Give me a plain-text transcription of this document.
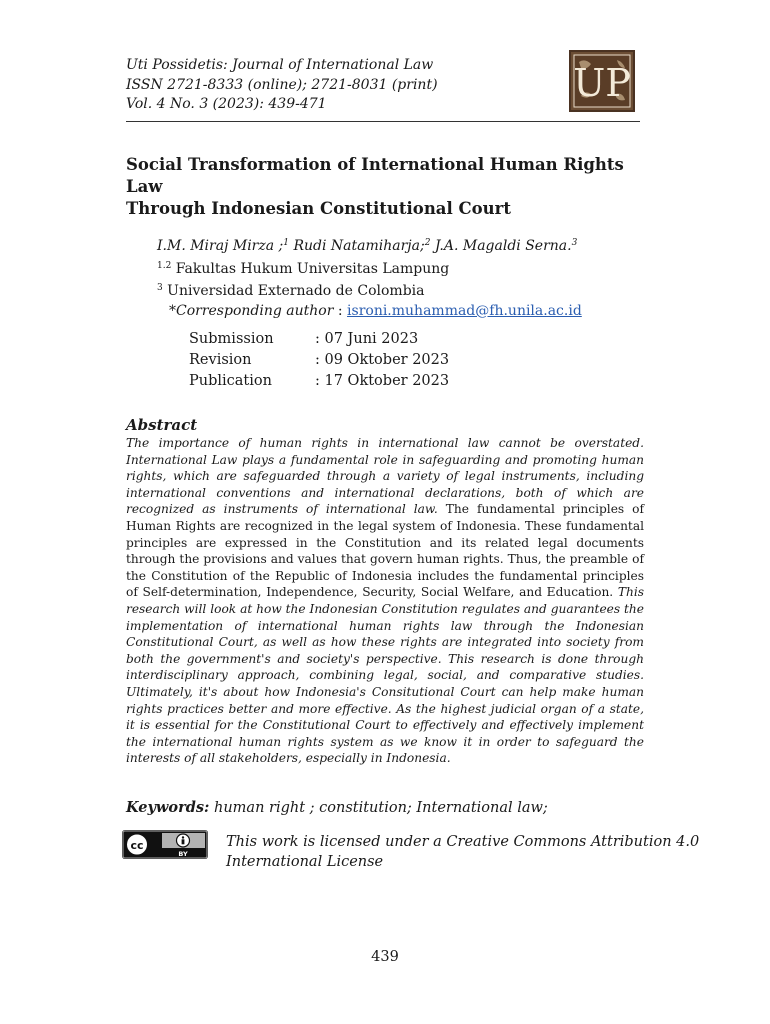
Uti Possidetis: Journal of International Law
ISSN 2721-8333 (online); 2721-8031 (print)
Vol. 4 No. 3 (2023): 439-471	UP
Social Transformation of International Human Rights Law
Through Indonesian Constitutional Court
I.M. Miraj Mirza ;$^1$ Rudi Natamiharja;$^2$ J.A. Magaldi Serna.$^3$
$^{1.2}$ Fakultas Hukum Universitas Lampung
$^3$ Universidad Externado de Colombia
*Corresponding author : isroni.muhammad@fh.unila.ac.id
Submission	: 07 Juni 2023
Revision	: 09 Oktober 2023
Publication	: 17 Oktober 2023
Abstract
The importance of human rights in international law cannot be overstated. International Law plays a fundamental role in safeguarding and promoting human rights, which are safeguarded through a variety of legal instruments, including international conventions and international declarations, both of which are recognized as instruments of international law. The fundamental principles of Human Rights are recognized in the legal system of Indonesia. These fundamental principles are expressed in the Constitution and its related legal documents through the provisions and values that govern human rights. Thus, the preamble of the Constitution of the Republic of Indonesia includes the fundamental principles of Self-determination, Independence, Security, Social Welfare, and Education. This research will look at how the Indonesian Constitution regulates and guarantees the implementation of international human rights law through the Indonesian Constitutional Court, as well as how these rights are integrated into society from both the government's and society's perspective. This research is done through interdisciplinary approach, combining legal, social, and comparative studies. Ultimately, it's about how Indonesia's Consitutional Court can help make human rights practices better and more effective. As the highest judicial organ of a state, it is essential for the Constitutional Court to effectively and effectively implement the international human rights system as we know it in order to safeguard the interests of all stakeholders, especially in Indonesia.
Keywords: human right ; constitution; International law;
cc
BY
This work is licensed under a Creative Commons Attribution 4.0
International License
439
